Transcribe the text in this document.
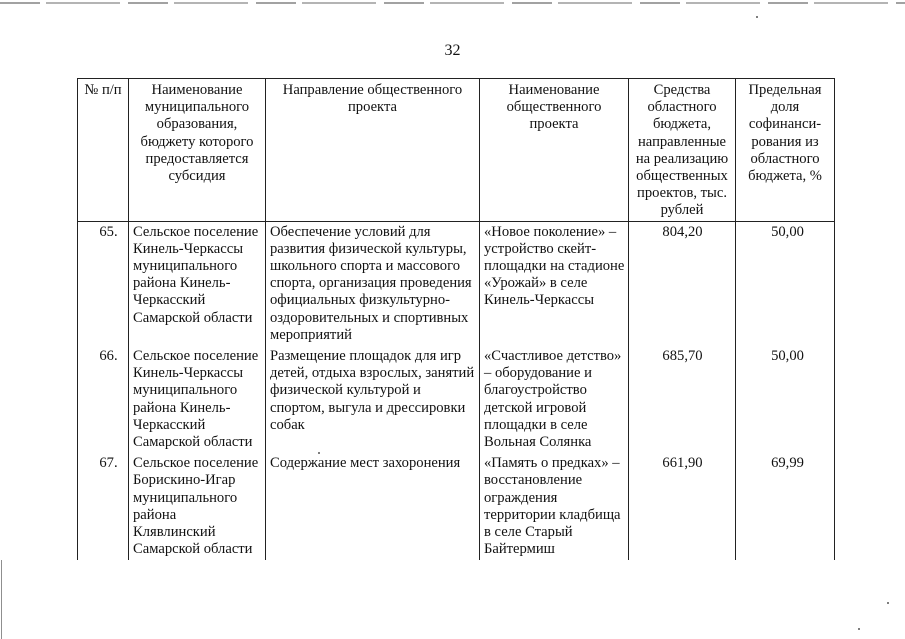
32
№ п/п	Наименование муниципального образования, бюджету которого предоставляется субсидия	Направление общественного проекта	Наименование общественного проекта	Средства областного бюджета, направленные на реализацию общественных проектов, тыс. рублей	Предельная доля софинанси-рования из областного бюджета, %
65.	Сельское поселение Кинель-Черкассы муниципального района Кинель-Черкасский Самарской области	Обеспечение условий для развития физической культуры, школьного спорта и массового спорта, организация проведения официальных физкультурно-оздоровительных и спортивных мероприятий	«Новое поколение» – устройство скейт-площадки на стадионе «Урожай» в селе Кинель-Черкассы	804,20	50,00
66.	Сельское поселение Кинель-Черкассы муниципального района Кинель-Черкасский Самарской области	Размещение площадок для игр детей, отдыха взрослых, занятий физической культурой и спортом, выгула и дрессировки собак	«Счастливое детство» – оборудование и благоустройство детской игровой площадки в селе Вольная Солянка	685,70	50,00
67.	Сельское поселение Борискино-Игар муниципального района Клявлинский Самарской области	Содержание мест захоронения	«Память о предках» – восстановление ограждения территории кладбища в селе Старый Байтермиш	661,90	69,99
